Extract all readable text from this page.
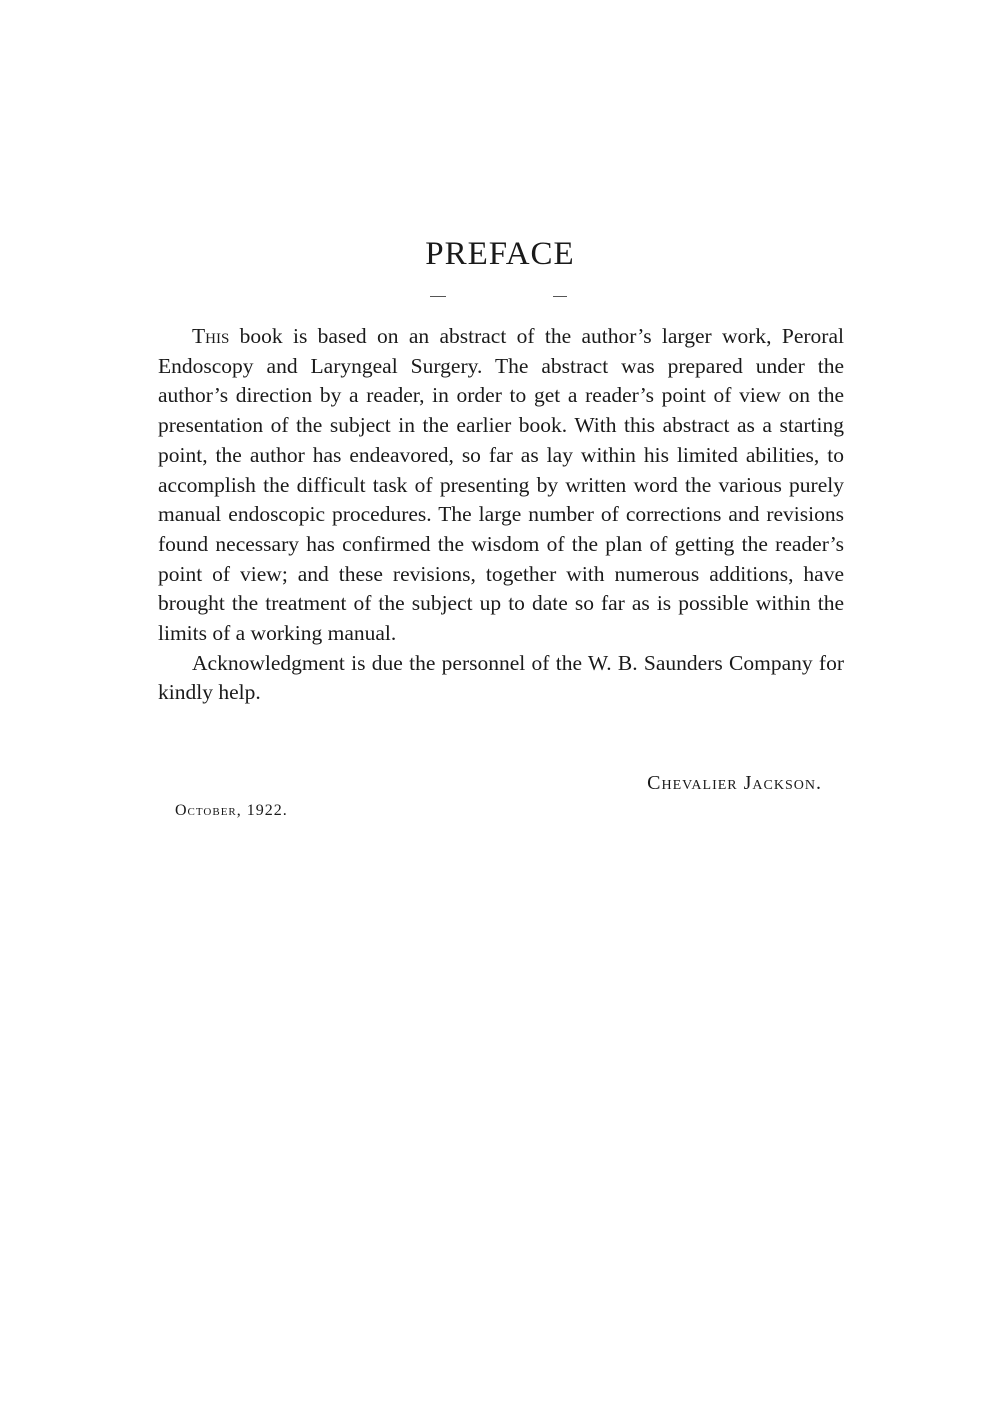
PREFACE

This book is based on an abstract of the author’s larger work, Peroral Endoscopy and Laryngeal Surgery. The abstract was prepared under the author’s direction by a reader, in order to get a reader’s point of view on the presentation of the subject in the earlier book. With this abstract as a starting point, the author has endeavored, so far as lay within his limited abilities, to accomplish the difficult task of presenting by written word the various purely manual endoscopic procedures. The large number of corrections and revisions found necessary has confirmed the wisdom of the plan of getting the reader’s point of view; and these revisions, together with numerous additions, have brought the treatment of the subject up to date so far as is possible within the limits of a working manual.

Acknowledgment is due the personnel of the W. B. Saunders Company for kindly help.

Chevalier Jackson.
October, 1922.
